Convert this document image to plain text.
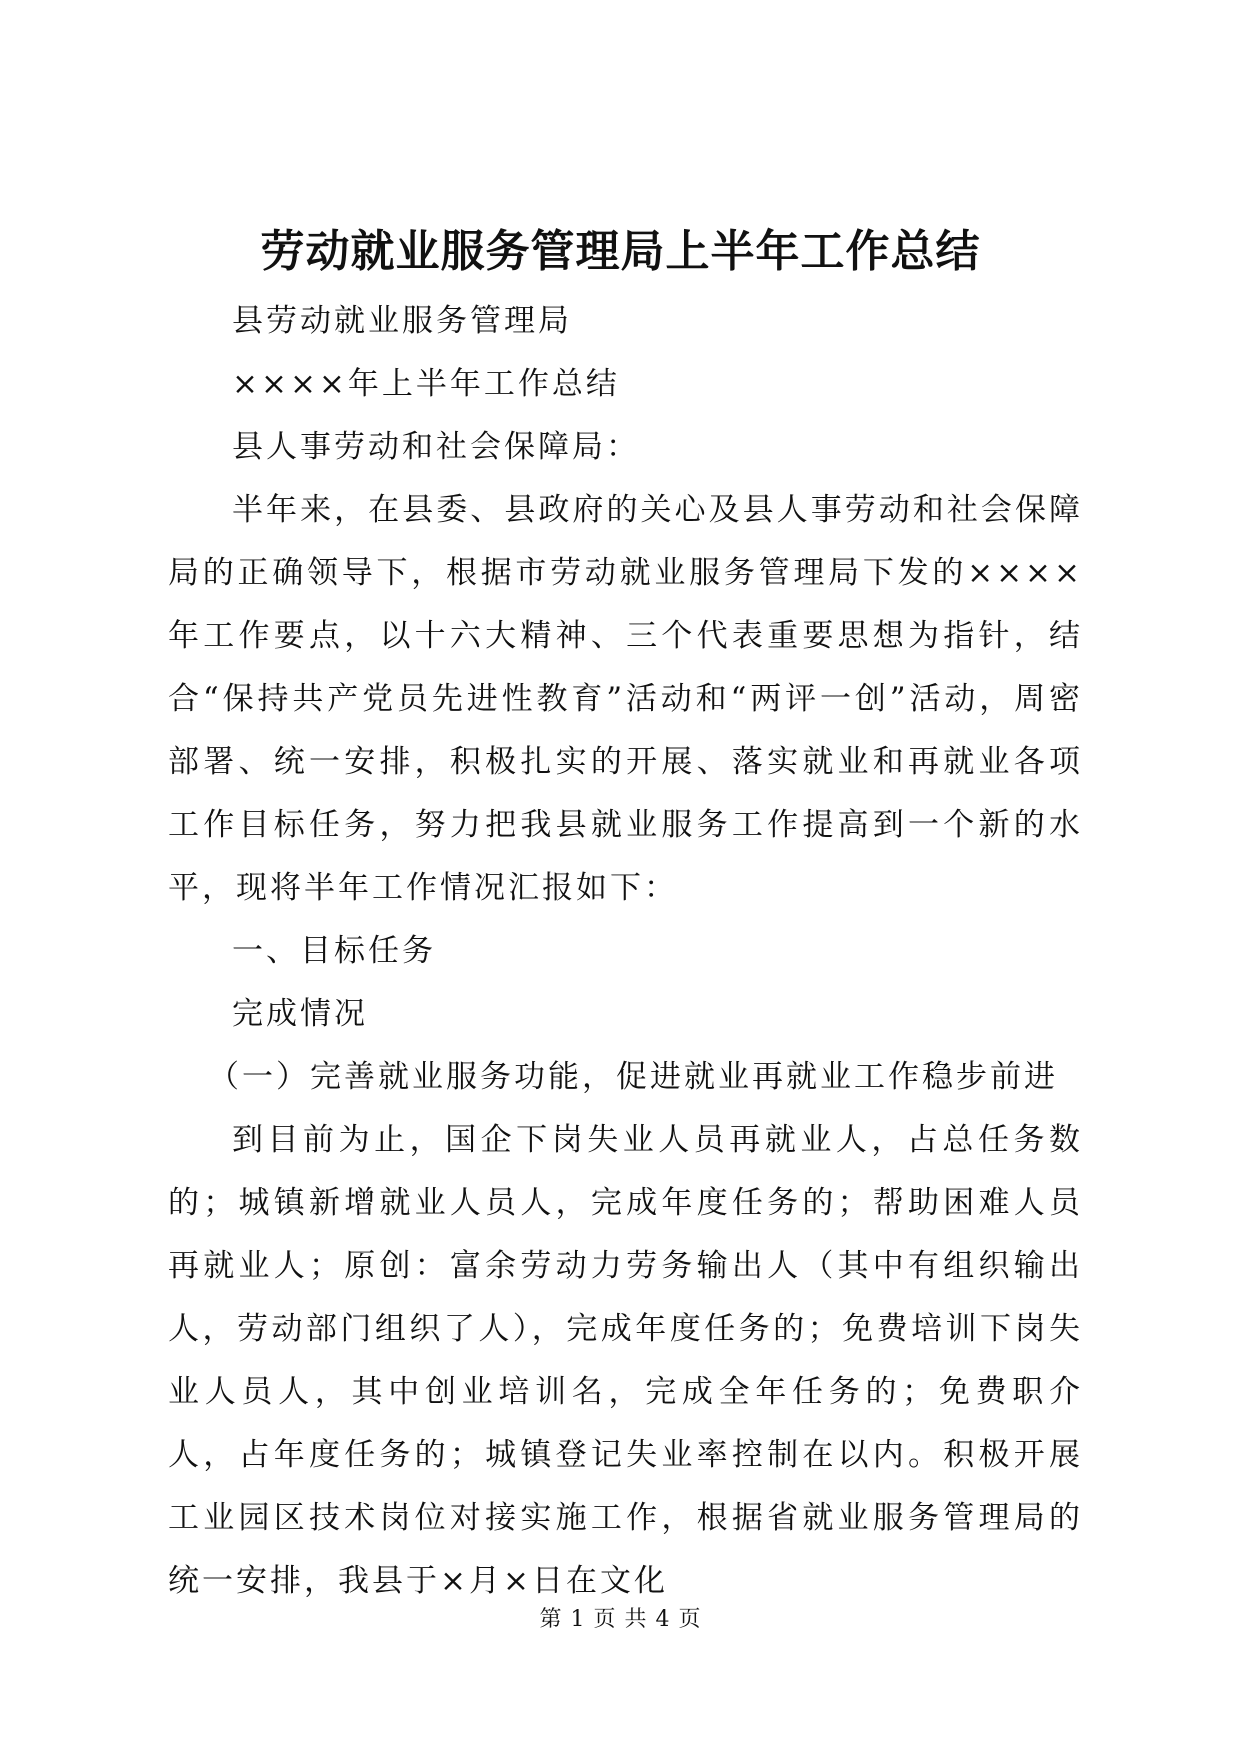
劳动就业服务管理局上半年工作总结

县劳动就业服务管理局

××××年上半年工作总结

县人事劳动和社会保障局：

半年来，在县委、县政府的关心及县人事劳动和社会保障局的正确领导下，根据市劳动就业服务管理局下发的××××年工作要点，以十六大精神、三个代表重要思想为指针，结合“保持共产党员先进性教育”活动和“两评一创”活动，周密部署、统一安排，积极扎实的开展、落实就业和再就业各项工作目标任务，努力把我县就业服务工作提高到一个新的水平，现将半年工作情况汇报如下：

一、目标任务

完成情况

（一）完善就业服务功能，促进就业再就业工作稳步前进

到目前为止，国企下岗失业人员再就业人，占总任务数的；城镇新增就业人员人，完成年度任务的；帮助困难人员再就业人；原创：富余劳动力劳务输出人（其中有组织输出人，劳动部门组织了人），完成年度任务的；免费培训下岗失业人员人，其中创业培训名，完成全年任务的；免费职介人，占年度任务的；城镇登记失业率控制在以内。积极开展工业园区技术岗位对接实施工作，根据省就业服务管理局的统一安排，我县于×月×日在文化

第 1 页 共 4 页
